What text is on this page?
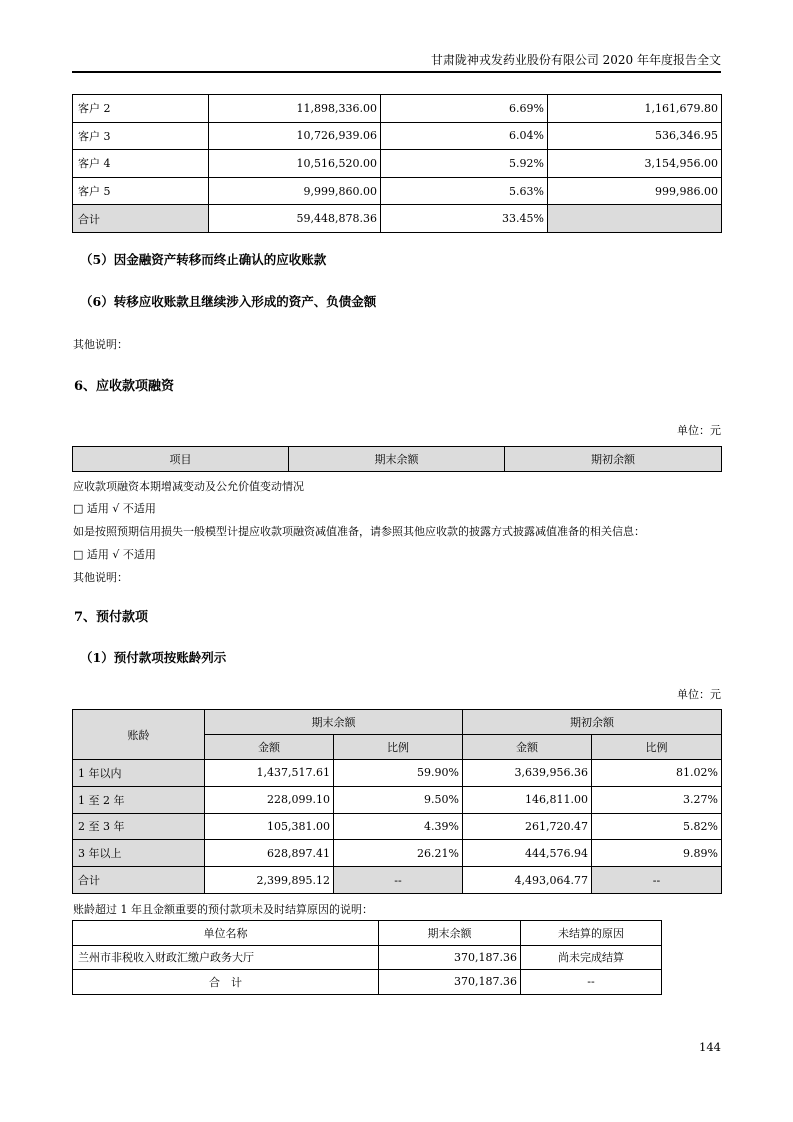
甘肃陇神戎发药业股份有限公司 2020 年年度报告全文
客户 2	11,898,336.00	6.69%	1,161,679.80
客户 3	10,726,939.06	6.04%	536,346.95
客户 4	10,516,520.00	5.92%	3,154,956.00
客户 5	9,999,860.00	5.63%	999,986.00
合计	59,448,878.36	33.45%	
（5）因金融资产转移而终止确认的应收账款
（6）转移应收账款且继续涉入形成的资产、负债金额
其他说明：
6、应收款项融资
单位：元
项目	期末余额	期初余额
应收款项融资本期增减变动及公允价值变动情况
□ 适用 √ 不适用
如是按照预期信用损失一般模型计提应收款项融资减值准备，请参照其他应收款的披露方式披露减值准备的相关信息：
□ 适用 √ 不适用
其他说明：
7、预付款项
（1）预付款项按账龄列示
单位：元
账龄	期末余额		期初余额	
	金额	比例	金额	比例
1 年以内	1,437,517.61	59.90%	3,639,956.36	81.02%
1 至 2 年	228,099.10	9.50%	146,811.00	3.27%
2 至 3 年	105,381.00	4.39%	261,720.47	5.82%
3 年以上	628,897.41	26.21%	444,576.94	9.89%
合计	2,399,895.12	--	4,493,064.77	--
账龄超过 1 年且金额重要的预付款项未及时结算原因的说明：
单位名称	期末余额	未结算的原因
兰州市非税收入财政汇缴户政务大厅	370,187.36	尚未完成结算
合　计	370,187.36	--
144
